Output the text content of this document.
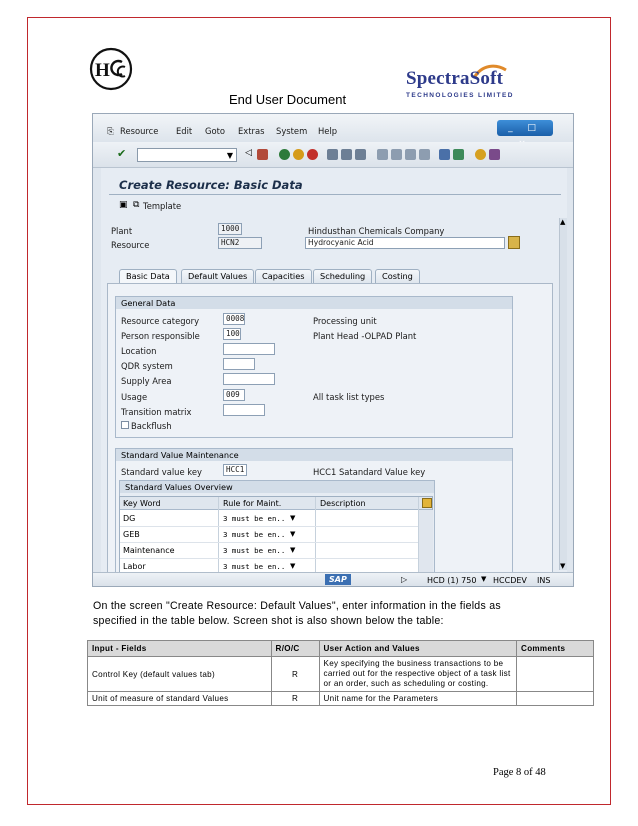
H
End User Document
SpectraSoft
TECHNOLOGIES LIMITED
⎘ Resource Edit Goto Extras System Help	_ □
✔	▼ ◁
Create Resource: Basic Data
▣ ⧉ Template
Plant	1000	Hindusthan Chemicals Company
Resource	HCN2	Hydrocyanic Acid
▲
▼
Basic Data	Default Values	Capacities	Scheduling	Costing
General Data
Resource category	0008	Processing unit
Person responsible	100	Plant Head -OLPAD Plant
Location
QDR system
Supply Area
Usage	009	All task list types
Transition matrix
Backflush
Standard Value Maintenance
Standard value key	HCC1	HCC1 Satandard Value key
Standard Values Overview
Key Word	Rule for Maint.	Description
DG	3 must be en.. ▼
GEB	3 must be en.. ▼
Maintenance	3 must be en.. ▼
Labor	3 must be en.. ▼
SAP	▷ HCD (1) 750 ▼ HCCDEV INS
On the screen "Create Resource: Default Values", enter information in the fields as specified in the table below. Screen shot is also shown below the table:
Input - Fields	R/O/C	User Action and Values	Comments
Control Key (default values tab)	R	Key specifying the business transactions to be carried out for the respective object of a task list or an order, such as scheduling or costing.	
Unit of measure of standard Values	R	Unit name for the Parameters	
Page 8 of 48
